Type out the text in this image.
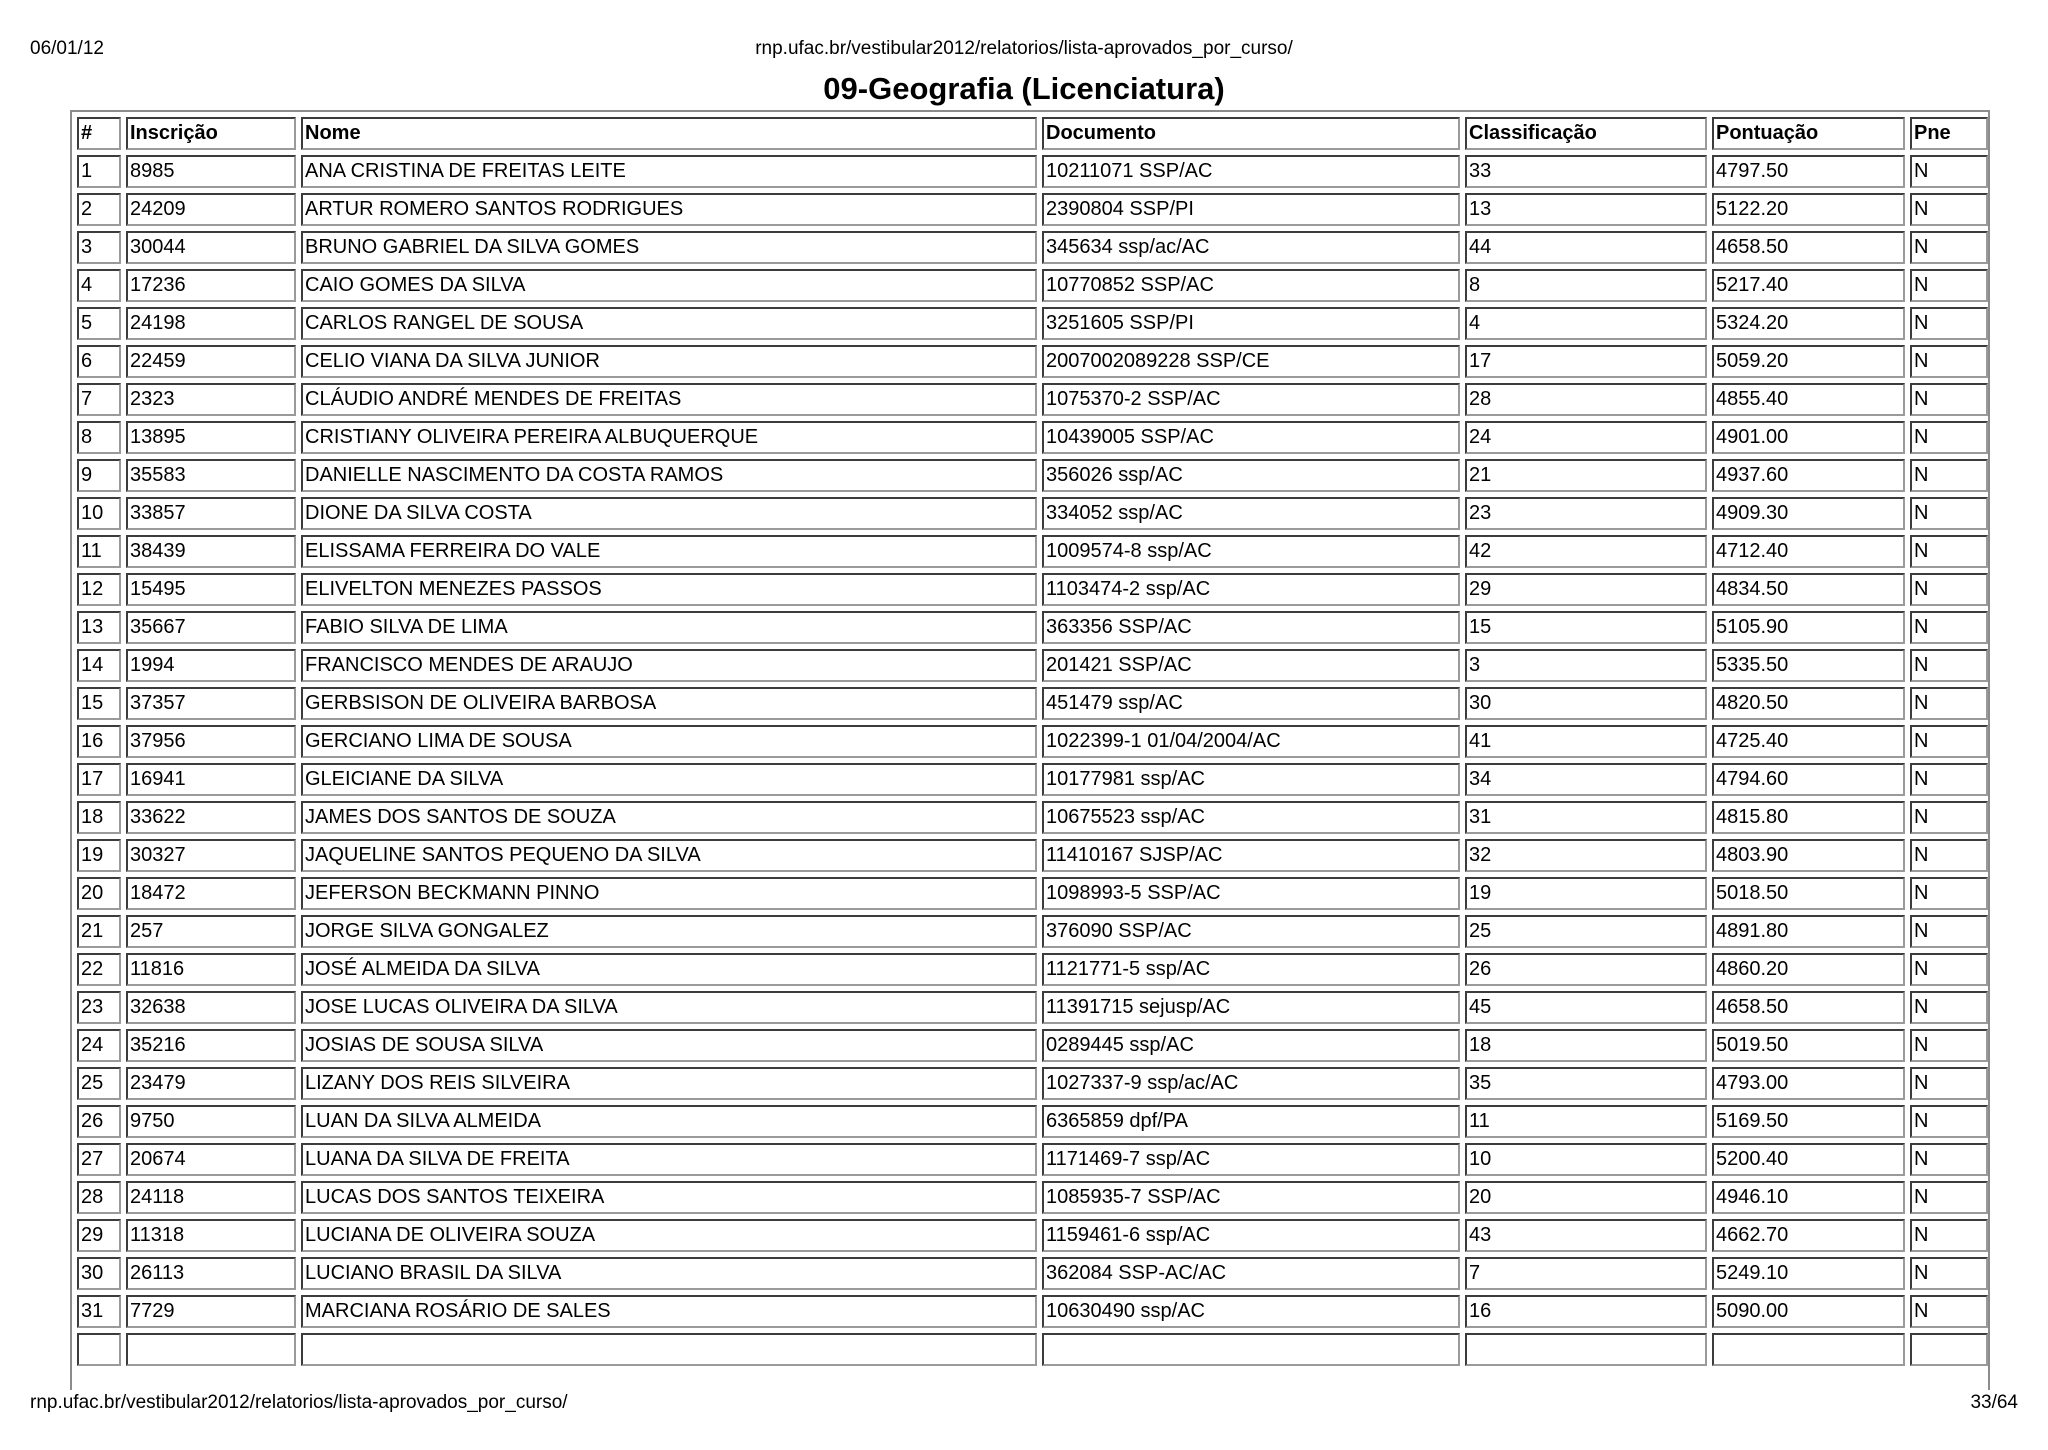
06/01/12	rnp.ufac.br/vestibular2012/relatorios/lista-aprovados_por_curso/
09-Geografia (Licenciatura)
#	Inscrição	Nome	Documento	Classificação	Pontuação	Pne
1	8985	ANA CRISTINA DE FREITAS LEITE	10211071 SSP/AC	33	4797.50	N
2	24209	ARTUR ROMERO SANTOS RODRIGUES	2390804 SSP/PI	13	5122.20	N
3	30044	BRUNO GABRIEL DA SILVA GOMES	345634 ssp/ac/AC	44	4658.50	N
4	17236	CAIO GOMES DA SILVA	10770852 SSP/AC	8	5217.40	N
5	24198	CARLOS RANGEL DE SOUSA	3251605 SSP/PI	4	5324.20	N
6	22459	CELIO VIANA DA SILVA JUNIOR	2007002089228 SSP/CE	17	5059.20	N
7	2323	CLÁUDIO ANDRÉ MENDES DE FREITAS	1075370-2 SSP/AC	28	4855.40	N
8	13895	CRISTIANY OLIVEIRA PEREIRA ALBUQUERQUE	10439005 SSP/AC	24	4901.00	N
9	35583	DANIELLE NASCIMENTO DA COSTA RAMOS	356026 ssp/AC	21	4937.60	N
10	33857	DIONE DA SILVA COSTA	334052 ssp/AC	23	4909.30	N
11	38439	ELISSAMA FERREIRA DO VALE	1009574-8 ssp/AC	42	4712.40	N
12	15495	ELIVELTON MENEZES PASSOS	1103474-2 ssp/AC	29	4834.50	N
13	35667	FABIO SILVA DE LIMA	363356 SSP/AC	15	5105.90	N
14	1994	FRANCISCO MENDES DE ARAUJO	201421 SSP/AC	3	5335.50	N
15	37357	GERBSISON DE OLIVEIRA BARBOSA	451479 ssp/AC	30	4820.50	N
16	37956	GERCIANO LIMA DE SOUSA	1022399-1 01/04/2004/AC	41	4725.40	N
17	16941	GLEICIANE DA SILVA	10177981 ssp/AC	34	4794.60	N
18	33622	JAMES DOS SANTOS DE SOUZA	10675523 ssp/AC	31	4815.80	N
19	30327	JAQUELINE SANTOS PEQUENO DA SILVA	11410167 SJSP/AC	32	4803.90	N
20	18472	JEFERSON BECKMANN PINNO	1098993-5 SSP/AC	19	5018.50	N
21	257	JORGE SILVA GONGALEZ	376090 SSP/AC	25	4891.80	N
22	11816	JOSÉ ALMEIDA DA SILVA	1121771-5 ssp/AC	26	4860.20	N
23	32638	JOSE LUCAS OLIVEIRA DA SILVA	11391715 sejusp/AC	45	4658.50	N
24	35216	JOSIAS DE SOUSA SILVA	0289445 ssp/AC	18	5019.50	N
25	23479	LIZANY DOS REIS SILVEIRA	1027337-9 ssp/ac/AC	35	4793.00	N
26	9750	LUAN DA SILVA ALMEIDA	6365859 dpf/PA	11	5169.50	N
27	20674	LUANA DA SILVA DE FREITA	1171469-7 ssp/AC	10	5200.40	N
28	24118	LUCAS DOS SANTOS TEIXEIRA	1085935-7 SSP/AC	20	4946.10	N
29	11318	LUCIANA DE OLIVEIRA SOUZA	1159461-6 ssp/AC	43	4662.70	N
30	26113	LUCIANO BRASIL DA SILVA	362084 SSP-AC/AC	7	5249.10	N
31	7729	MARCIANA ROSÁRIO DE SALES	10630490 ssp/AC	16	5090.00	N

rnp.ufac.br/vestibular2012/relatorios/lista-aprovados_por_curso/	33/64
